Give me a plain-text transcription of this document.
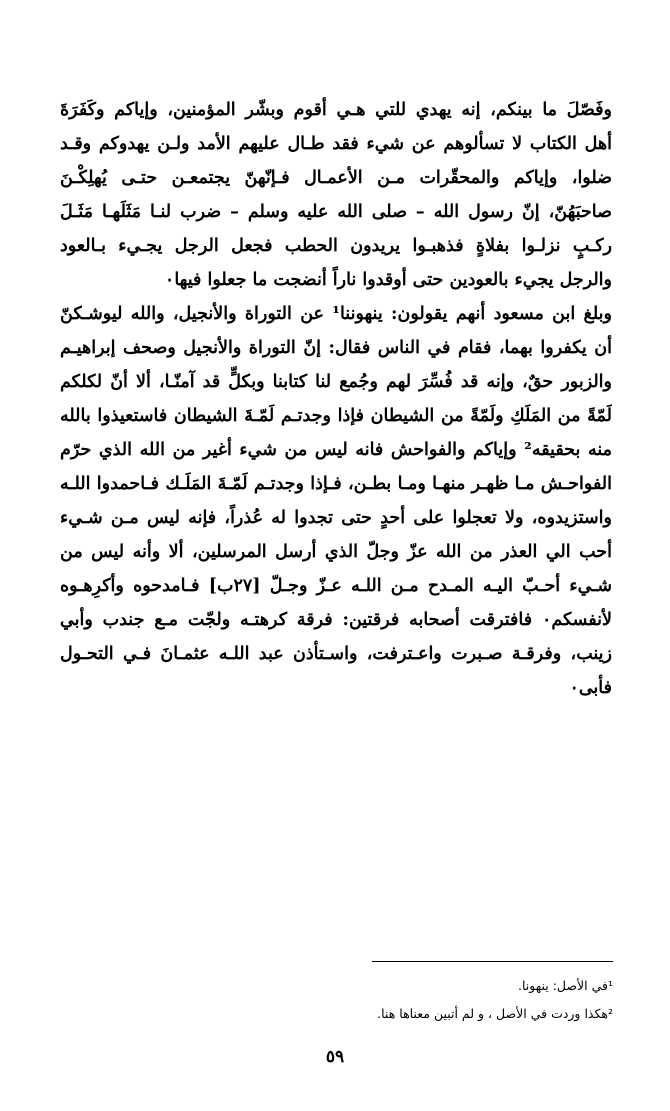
وفَصّلَ ما بينكم، إنه يهدي للتي هـي أقوم وبشّر المؤمنين، وإياكم وكَفَرَةَ
أهل الكتاب لا تسألوهم عن شيء فقد طـال عليهم الأمد ولـن يهدوكم وقـد
ضلوا، وإياكم والمحقّرات مـن الأعمـال فـإنّهنّ يجتمعـن حتـى يُهلِكْـنَ
صاحبَهُنّ، إنّ رسول الله – صلى الله عليه وسلم – ضرب لنـا مَثَلَهـا مَثَـلَ
ركـبٍ نزلـوا بفلاةٍ فذهبـوا يريدون الحطب فجعل الرجل يجـيء بـالعود
والرجل يجيء بالعودين حتى أوقدوا ناراً أنضجت ما جعلوا فيها٠
وبلغ ابن مسعود أنهم يقولون: ينهوننا¹ عن التوراة والأنجيل، والله ليوشـكنّ
أن يكفروا بهما، فقام في الناس فقال: إنّ التوراة والأنجيل وصحف إبراهيـم
والزبور حقٌ، وإنه قد فُسِّرَ لهم وجُمع لنا كتابنا وبكلٍّ قد آمنّـا، ألا أنّ لكلكم
لَمّةً من المَلَكِ ولَمّةً من الشيطان فإذا وجدتـم لَمّـةَ الشيطان فاستعيذوا بالله
منه بحقيقه² وإياكم والفواحش فانه ليس من شيء أغير من الله الذي حرّم
الفواحـش مـا ظهـر منهـا ومـا بطـن، فـإذا وجدتـم لَمّـةَ المَلَـك فـاحمدوا اللـه
واستزيدوه، ولا تعجلوا على أحدٍ حتى تجدوا له عُذراً، فإنه ليس مـن شـيء
أحب الي العذر من الله عزّ وجلّ الذي أرسل المرسلين، ألا وأنه ليس من
شـيء أحـبّ اليـه المـدح مـن اللـه عـزّ وجـلّ [٢٧ب] فـامدحوه وأكرِهـوه
لأنفسكم٠ فافترقت أصحابه فرقتين: فرقة كرهتـه ولجّت مـع جندب وأبي
زينب، وفرقـة صـبرت واعـترفت، واسـتأذن عبد اللـه عثمـانَ فـي التحـول
فأبى٠
¹في الأصل: ينهونا.
²هكذا وردت في الأصل ، و لم أتبين معناها هنا.
٥٩
